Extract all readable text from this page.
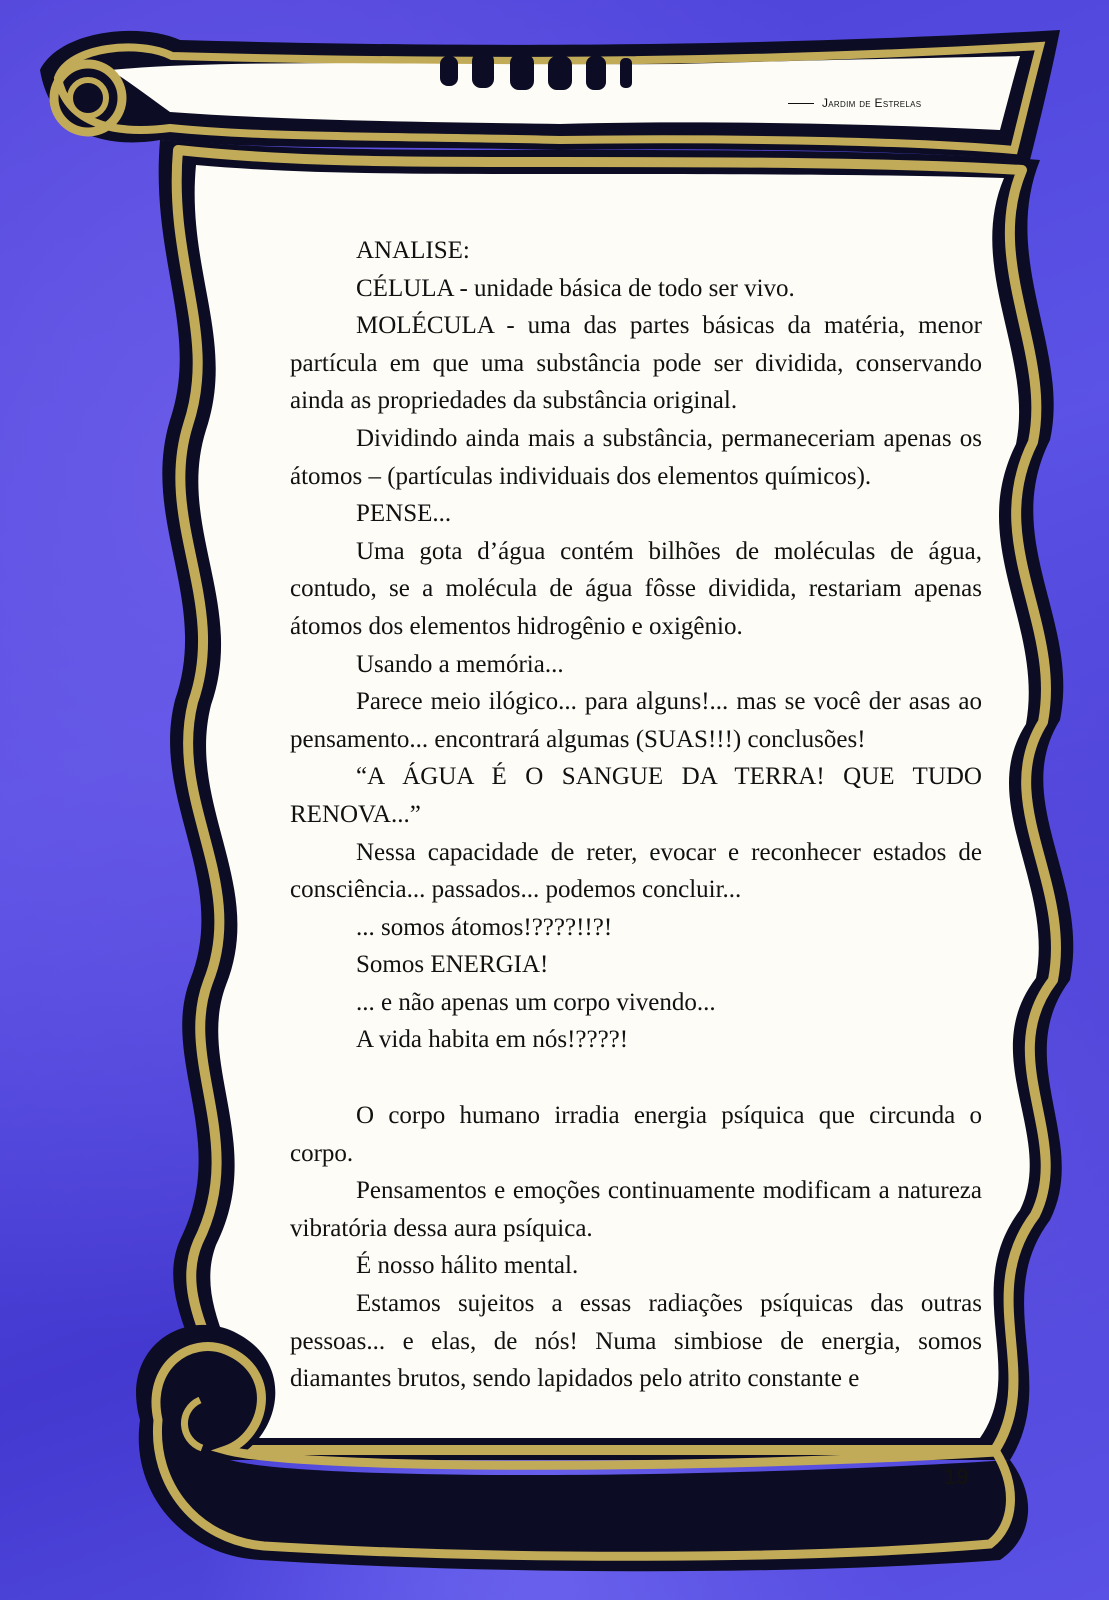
Jardim de Estrelas

ANALISE:

CÉLULA - unidade básica de todo ser vivo.

MOLÉCULA - uma das partes básicas da matéria, menor partícula em que uma substância pode ser dividida, conservando ainda as propriedades da substância original.

Dividindo ainda mais a substância, permaneceriam apenas os átomos – (partículas individuais dos elementos químicos).

PENSE...

Uma gota d’água contém bilhões de moléculas de água, contudo, se a molécula de água fôsse dividida, restariam apenas átomos dos elementos hidrogênio e oxigênio.

Usando a memória...

Parece meio ilógico... para alguns!... mas se você der asas ao pensamento... encontrará algumas (SUAS!!!) conclusões!

“A ÁGUA É O SANGUE DA TERRA! QUE TUDO RENOVA...”

Nessa capacidade de reter, evocar e reconhecer estados de consciência... passados... podemos concluir...

... somos átomos!????!!?!

Somos ENERGIA!

... e não apenas um corpo vivendo...

A vida habita em nós!????!

O corpo humano irradia energia psíquica que circunda o corpo.

Pensamentos e emoções continuamente modificam a natureza vibratória dessa aura psíquica.

É nosso hálito mental.

Estamos sujeitos a essas radiações psíquicas das outras pessoas... e elas, de nós! Numa simbiose de energia, somos diamantes brutos, sendo lapidados pelo atrito constante e

19
